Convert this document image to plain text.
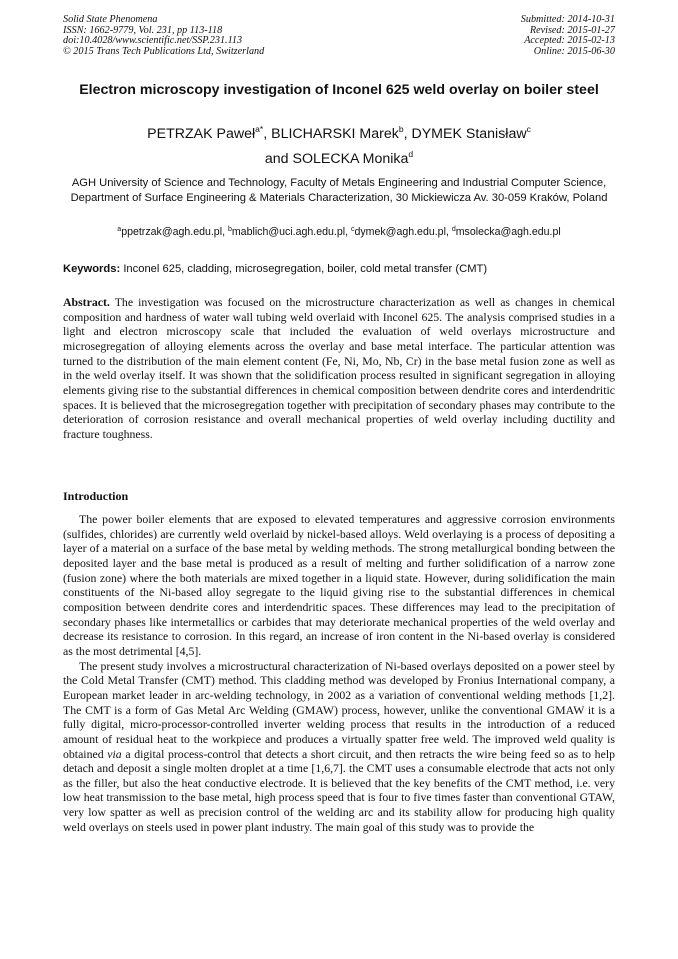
Solid State Phenomena
ISSN: 1662-9779, Vol. 231, pp 113-118
doi:10.4028/www.scientific.net/SSP.231.113
© 2015 Trans Tech Publications Ltd, Switzerland
Submitted: 2014-10-31
Revised: 2015-01-27
Accepted: 2015-02-13
Online: 2015-06-30
Electron microscopy investigation of Inconel 625 weld overlay on boiler steel
PETRZAK Paweł$^{a*}$, BLICHARSKI Marek$^b$, DYMEK Stanisław$^c$
and SOLECKA Monika$^d$
AGH University of Science and Technology, Faculty of Metals Engineering and Industrial Computer Science, Department of Surface Engineering & Materials Characterization, 30 Mickiewicza Av. 30-059 Kraków, Poland
$^a$ppetrzak@agh.edu.pl, $^b$mablich@uci.agh.edu.pl, $^c$dymek@agh.edu.pl, $^d$msolecka@agh.edu.pl
Keywords: Inconel 625, cladding, microsegregation, boiler, cold metal transfer (CMT)
Abstract. The investigation was focused on the microstructure characterization as well as changes in chemical composition and hardness of water wall tubing weld overlaid with Inconel 625. The analysis comprised studies in a light and electron microscopy scale that included the evaluation of weld overlays microstructure and microsegregation of alloying elements across the overlay and base metal interface. The particular attention was turned to the distribution of the main element content (Fe, Ni, Mo, Nb, Cr) in the base metal fusion zone as well as in the weld overlay itself. It was shown that the solidification process resulted in significant segregation in alloying elements giving rise to the substantial differences in chemical composition between dendrite cores and interdendritic spaces. It is believed that the microsegregation together with precipitation of secondary phases may contribute to the deterioration of corrosion resistance and overall mechanical properties of weld overlay including ductility and fracture toughness.
Introduction

The power boiler elements that are exposed to elevated temperatures and aggressive corrosion environments (sulfides, chlorides) are currently weld overlaid by nickel-based alloys. Weld overlaying is a process of depositing a layer of a material on a surface of the base metal by welding methods. The strong metallurgical bonding between the deposited layer and the base metal is produced as a result of melting and further solidification of a narrow zone (fusion zone) where the both materials are mixed together in a liquid state. However, during solidification the main constituents of the Ni-based alloy segregate to the liquid giving rise to the substantial differences in chemical composition between dendrite cores and interdendritic spaces. These differences may lead to the precipitation of secondary phases like intermetallics or carbides that may deteriorate mechanical properties of the weld overlay and decrease its resistance to corrosion. In this regard, an increase of iron content in the Ni-based overlay is considered as the most detrimental [4,5].

The present study involves a microstructural characterization of Ni-based overlays deposited on a power steel by the Cold Metal Transfer (CMT) method. This cladding method was developed by Fronius International company, a European market leader in arc-welding technology, in 2002 as a variation of conventional welding methods [1,2]. The CMT is a form of Gas Metal Arc Welding (GMAW) process, however, unlike the conventional GMAW it is a fully digital, micro-processor-controlled inverter welding process that results in the introduction of a reduced amount of residual heat to the workpiece and produces a virtually spatter free weld. The improved weld quality is obtained via a digital process-control that detects a short circuit, and then retracts the wire being feed so as to help detach and deposit a single molten droplet at a time [1,6,7]. the CMT uses a consumable electrode that acts not only as the filler, but also the heat conductive electrode. It is believed that the key benefits of the CMT method, i.e. very low heat transmission to the base metal, high process speed that is four to five times faster than conventional GTAW, very low spatter as well as precision control of the welding arc and its stability allow for producing high quality weld overlays on steels used in power plant industry. The main goal of this study was to provide the
